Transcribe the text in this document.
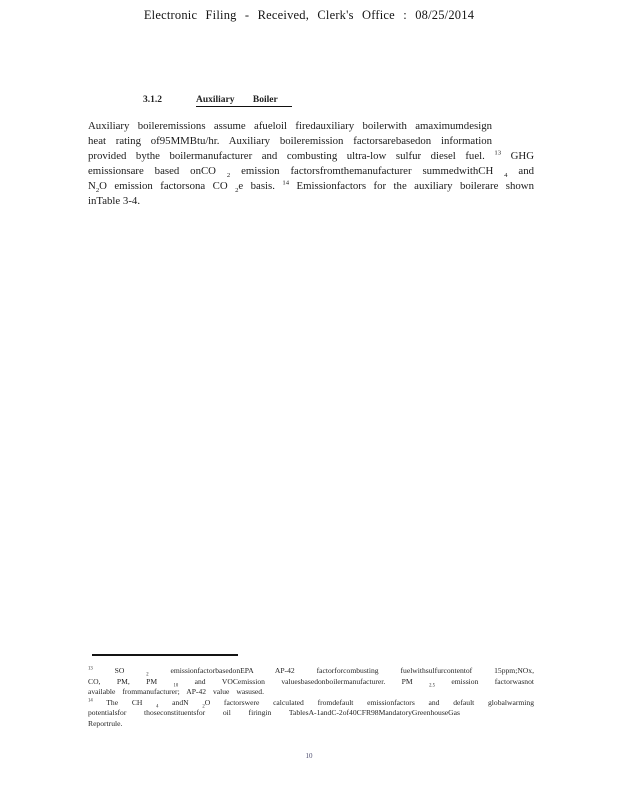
Electronic Filing - Received, Clerk's Office : 08/25/2014
3.1.2	Auxiliary Boiler
Auxiliary boileremissions assume afueloil firedauxiliary boilerwith amaximumdesign
heat rating of95MMBtu/hr. Auxiliary boileremission factorsarebasedon information
provided bythe boilermanufacturer and combusting ultra-low sulfur diesel fuel. $^{13}$ GHG
emissionsare based onCO $_2$ emission factorsfromthemanufacturer summedwithCH $_4$ and
$N_2O$ emission factorsona CO $_2$e basis. $^{14}$ Emissionfactors for the auxiliary boilerare shown
inTable 3-4.
$^{13}$ SO $_2$ emissionfactorbasedonEPA AP-42 factorforcombusting fuelwithsulfurcontentof 15ppm;NOx,
CO, PM, PM $_{10}$ and VOCemission valuesbasedonboilermanufacturer. PM $_{2.5}$ emission factorwasnot
available frommanufacturer; AP-42 value wasused.
$^{14}$ The CH $_4$ andN $_2$O factorswere calculated fromdefault emissionfactors and default globalwarming
potentialsfor thoseconstituentsfor oil firingin TablesA-1andC-2of40CFR98MandatoryGreenhouseGas
Reportrule.
10
